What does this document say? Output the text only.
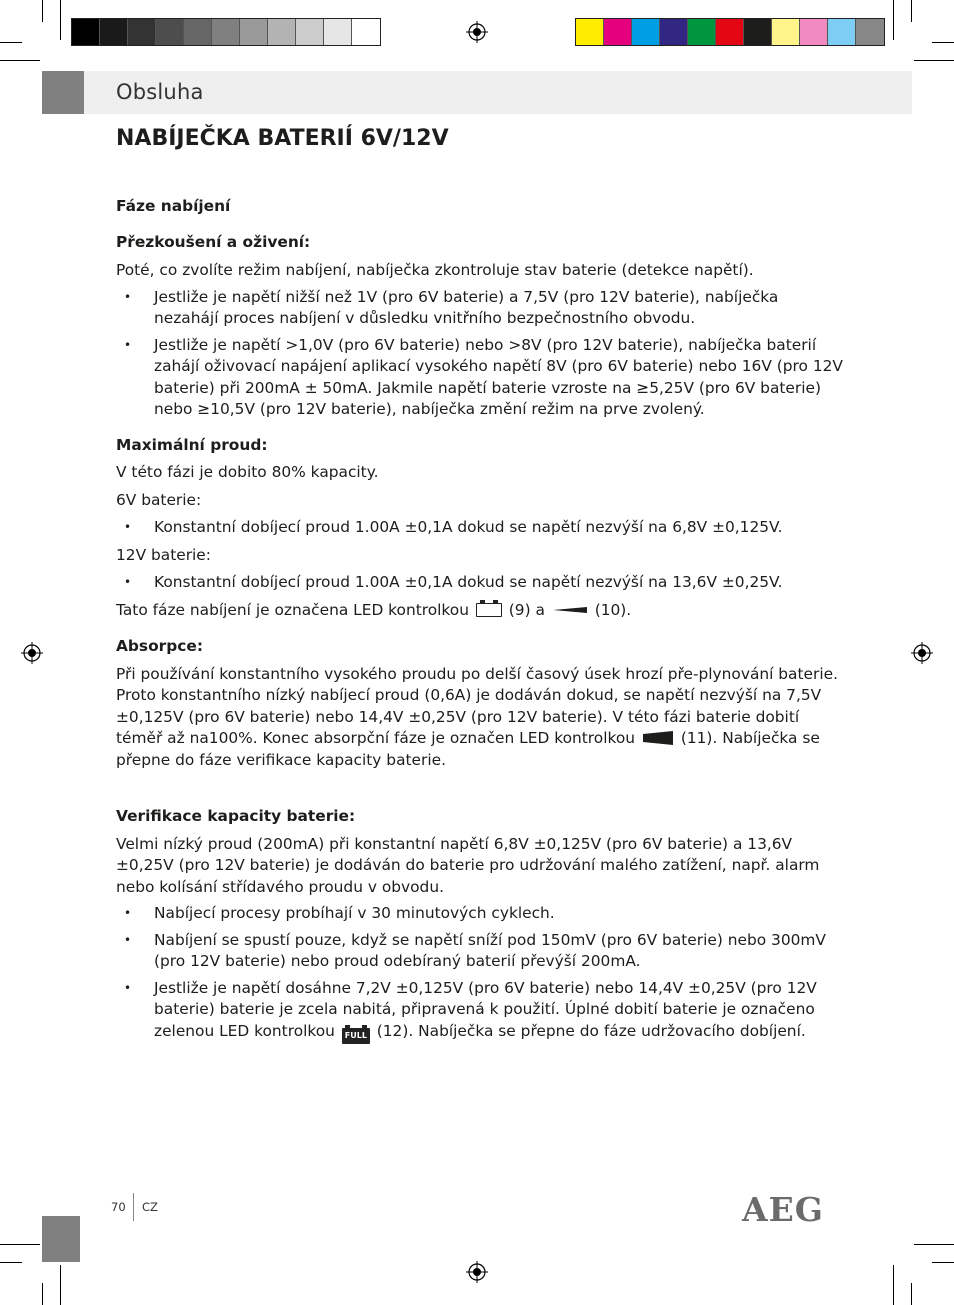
Obsluha
NABÍJEČKA BATERIÍ 6V/12V

Fáze nabíjení

Přezkoušení a oživení:

Poté, co zvolíte režim nabíjení, nabíječka zkontroluje stav baterie (detekce napětí).

• Jestliže je napětí nižší než 1V (pro 6V baterie) a 7,5V (pro 12V baterie), nabíječka nezahájí proces nabíjení v důsledku vnitřního bezpečnostního obvodu.
• Jestliže je napětí >1,0V (pro 6V baterie) nebo >8V (pro 12V baterie), nabíječka baterií zahájí oživovací napájení aplikací vysokého napětí 8V (pro 6V baterie) nebo 16V (pro 12V baterie) při 200mA ± 50mA. Jakmile napětí baterie vzroste na ≥5,25V (pro 6V baterie) nebo ≥10,5V (pro 12V baterie), nabíječka změní režim na prve zvolený.

Maximální proud:

V této fázi je dobito 80% kapacity.

6V baterie:

• Konstantní dobíjecí proud 1.00A ±0,1A dokud se napětí nezvýší na 6,8V ±0,125V.

12V baterie:

• Konstantní dobíjecí proud 1.00A ±0,1A dokud se napětí nezvýší na 13,6V ±0,25V.

Tato fáze nabíjení je označena LED kontrolkou	(9) a	(10).

Absorpce:

Při používání konstantního vysokého proudu po delší časový úsek hrozí pře-plynování baterie. Proto konstantního nízký nabíjecí proud (0,6A) je dodáván dokud, se napětí nezvýší na 7,5V ±0,125V (pro 6V baterie) nebo 14,4V ±0,25V (pro 12V baterie). V této fázi baterie dobití téměř až na100%. Konec absorpční fáze je označen LED kontrolkou	(11). Nabíječka se přepne do fáze verifikace kapacity baterie.

Verifikace kapacity baterie:

Velmi nízký proud (200mA) při konstantní napětí 6,8V ±0,125V (pro 6V baterie) a 13,6V ±0,25V (pro 12V baterie) je dodáván do baterie pro udržování malého zatížení, např. alarm nebo kolísání střídavého proudu v obvodu.

• Nabíjecí procesy probíhají v 30 minutových cyklech.
• Nabíjení se spustí pouze, když se napětí sníží pod 150mV (pro 6V baterie) nebo 300mV (pro 12V baterie) nebo proud odebíraný baterií převýší 200mA.
• Jestliže je napětí dosáhne 7,2V ±0,125V (pro 6V baterie) nebo 14,4V ±0,25V (pro 12V baterie) baterie je zcela nabitá, připravená k použití. Úplné dobití baterie je označeno zelenou LED kontrolkou FULL (12). Nabíječka se přepne do fáze udržovacího dobíjení.
70 CZ	AEG
